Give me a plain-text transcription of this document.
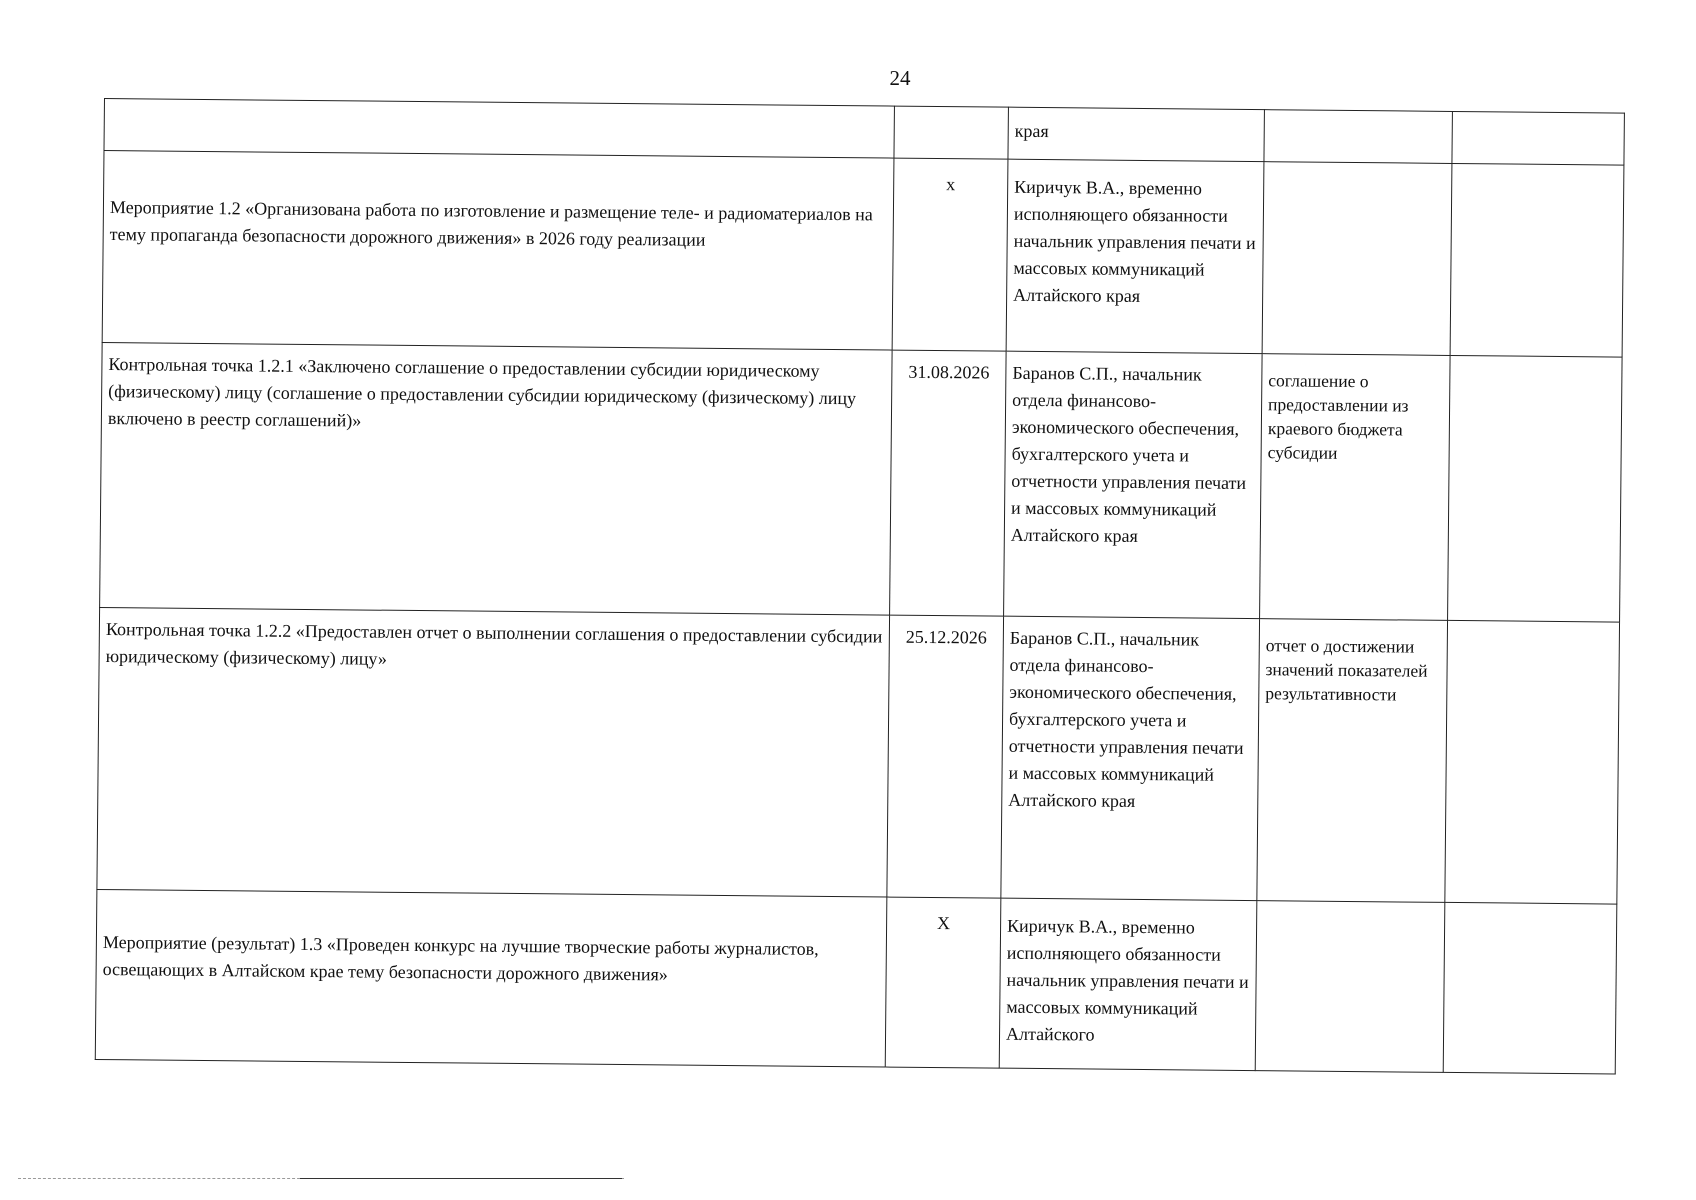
24
		края		
Мероприятие 1.2 «Организована работа по изготовление и размещение теле- и радиоматериалов на тему пропаганда безопасности дорожного движения» в 2026 году реализации	x	Киричук В.А., временно исполняющего обязанности начальник управления печати и массовых коммуникаций Алтайского края		
Контрольная точка 1.2.1 «Заключено соглашение о предоставлении субсидии юридическому (физическому) лицу (соглашение о предоставлении субсидии юридическому (физическому) лицу включено в реестр соглашений)»	31.08.2026	Баранов С.П., начальник отдела финансово-экономического обеспечения, бухгалтерского учета и отчетности управления печати и массовых коммуникаций Алтайского края	соглашение о предоставлении из краевого бюджета субсидии	
Контрольная точка 1.2.2 «Предоставлен отчет о выполнении соглашения о предоставлении субсидии юридическому (физическому) лицу»	25.12.2026	Баранов С.П., начальник отдела финансово-экономического обеспечения, бухгалтерского учета и отчетности управления печати и массовых коммуникаций Алтайского края	отчет о достижении значений показателей результативности	
Мероприятие (результат) 1.3 «Проведен конкурс на лучшие творческие работы журналистов, освещающих в Алтайском крае тему безопасности дорожного движения»	X	Киричук В.А., временно исполняющего обязанности начальник управления печати и массовых коммуникаций Алтайского		
